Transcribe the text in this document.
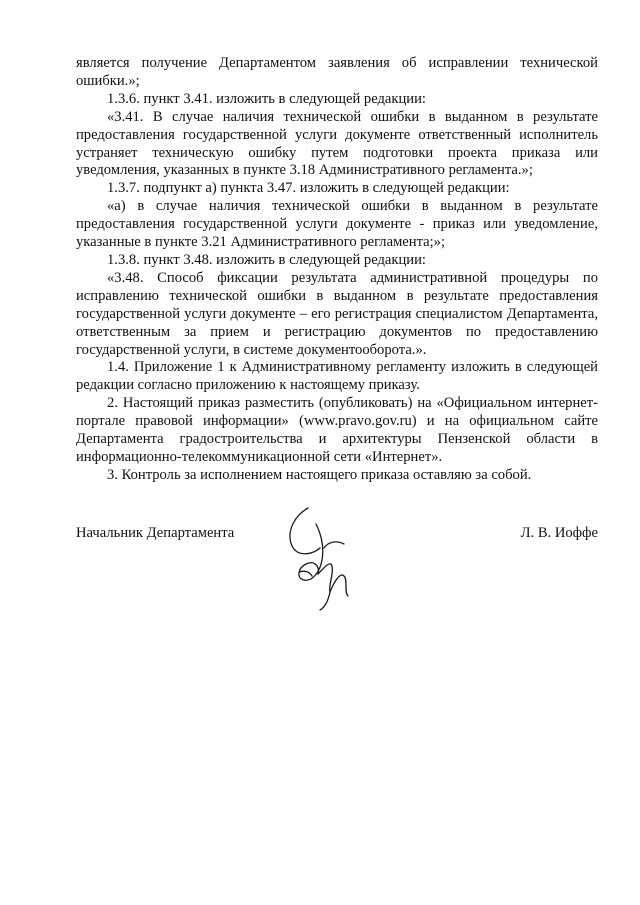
является получение Департаментом заявления об исправлении технической ошибки.»;

1.3.6. пункт 3.41. изложить в следующей редакции:

«3.41. В случае наличия технической ошибки в выданном в результате предоставления государственной услуги документе ответственный исполнитель устраняет техническую ошибку путем подготовки проекта приказа или уведомления, указанных в пункте 3.18 Административного регламента.»;

1.3.7. подпункт а) пункта 3.47. изложить в следующей редакции:

«а) в случае наличия технической ошибки в выданном в результате предоставления государственной услуги документе - приказ или уведомление, указанные в пункте 3.21 Административного регламента;»;

1.3.8. пункт 3.48. изложить в следующей редакции:

«3.48. Способ фиксации результата административной процедуры по исправлению технической ошибки в выданном в результате предоставления государственной услуги документе – его регистрация специалистом Департамента, ответственным за прием и регистрацию документов по предоставлению государственной услуги, в системе документооборота.».

1.4. Приложение 1 к Административному регламенту изложить в следующей редакции согласно приложению к настоящему приказу.

2. Настоящий приказ разместить (опубликовать) на «Официальном интернет-портале правовой информации» (www.pravo.gov.ru) и на официальном сайте Департамента градостроительства и архитектуры Пензенской области в информационно-телекоммуникационной сети «Интернет».

3. Контроль за исполнением настоящего приказа оставляю за собой.

Начальник Департамента	Л. В. Иоффе
